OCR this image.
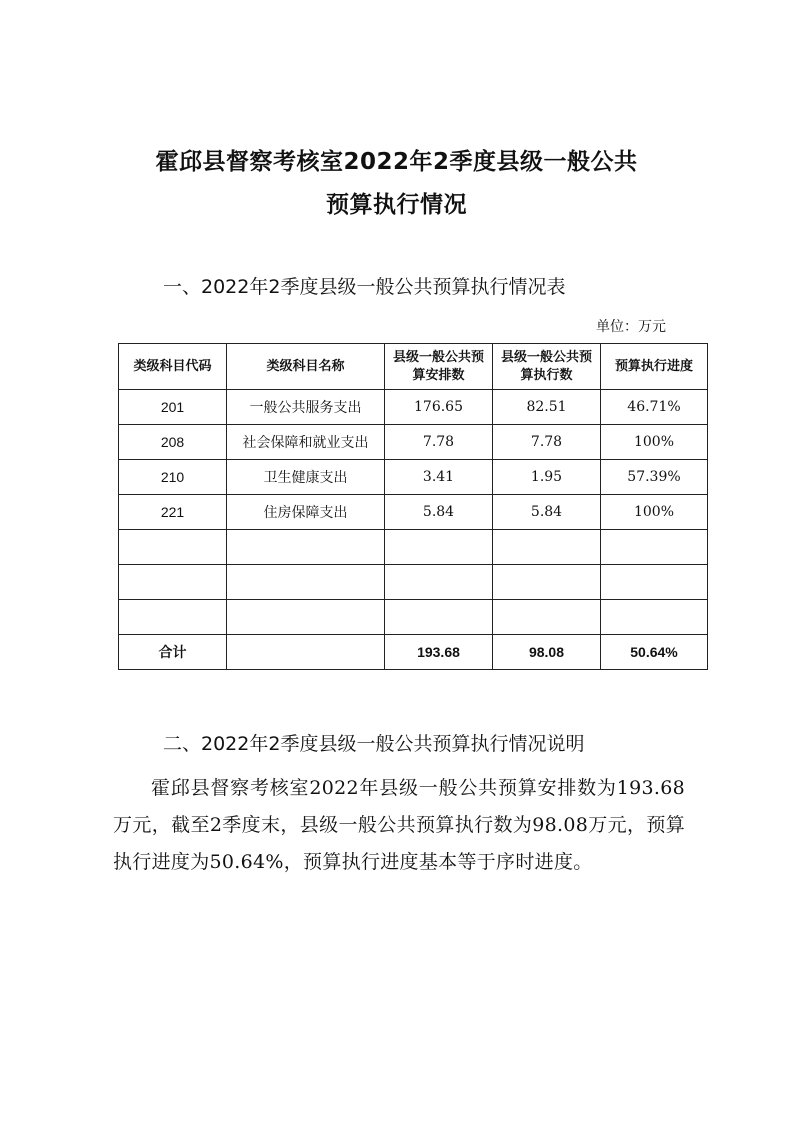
霍邱县督察考核室2022年2季度县级一般公共
预算执行情况
一、2022年2季度县级一般公共预算执行情况表
单位：万元
类级科目代码	类级科目名称	县级一般公共预算安排数	县级一般公共预算执行数	预算执行进度
201	一般公共服务支出	176.65	82.51	46.71%
208	社会保障和就业支出	7.78	7.78	100%
210	卫生健康支出	3.41	1.95	57.39%
221	住房保障支出	5.84	5.84	100%

合计		193.68	98.08	50.64%
二、2022年2季度县级一般公共预算执行情况说明
霍邱县督察考核室2022年县级一般公共预算安排数为193.68万元，截至2季度末，县级一般公共预算执行数为98.08万元，预算执行进度为50.64%，预算执行进度基本等于序时进度。
